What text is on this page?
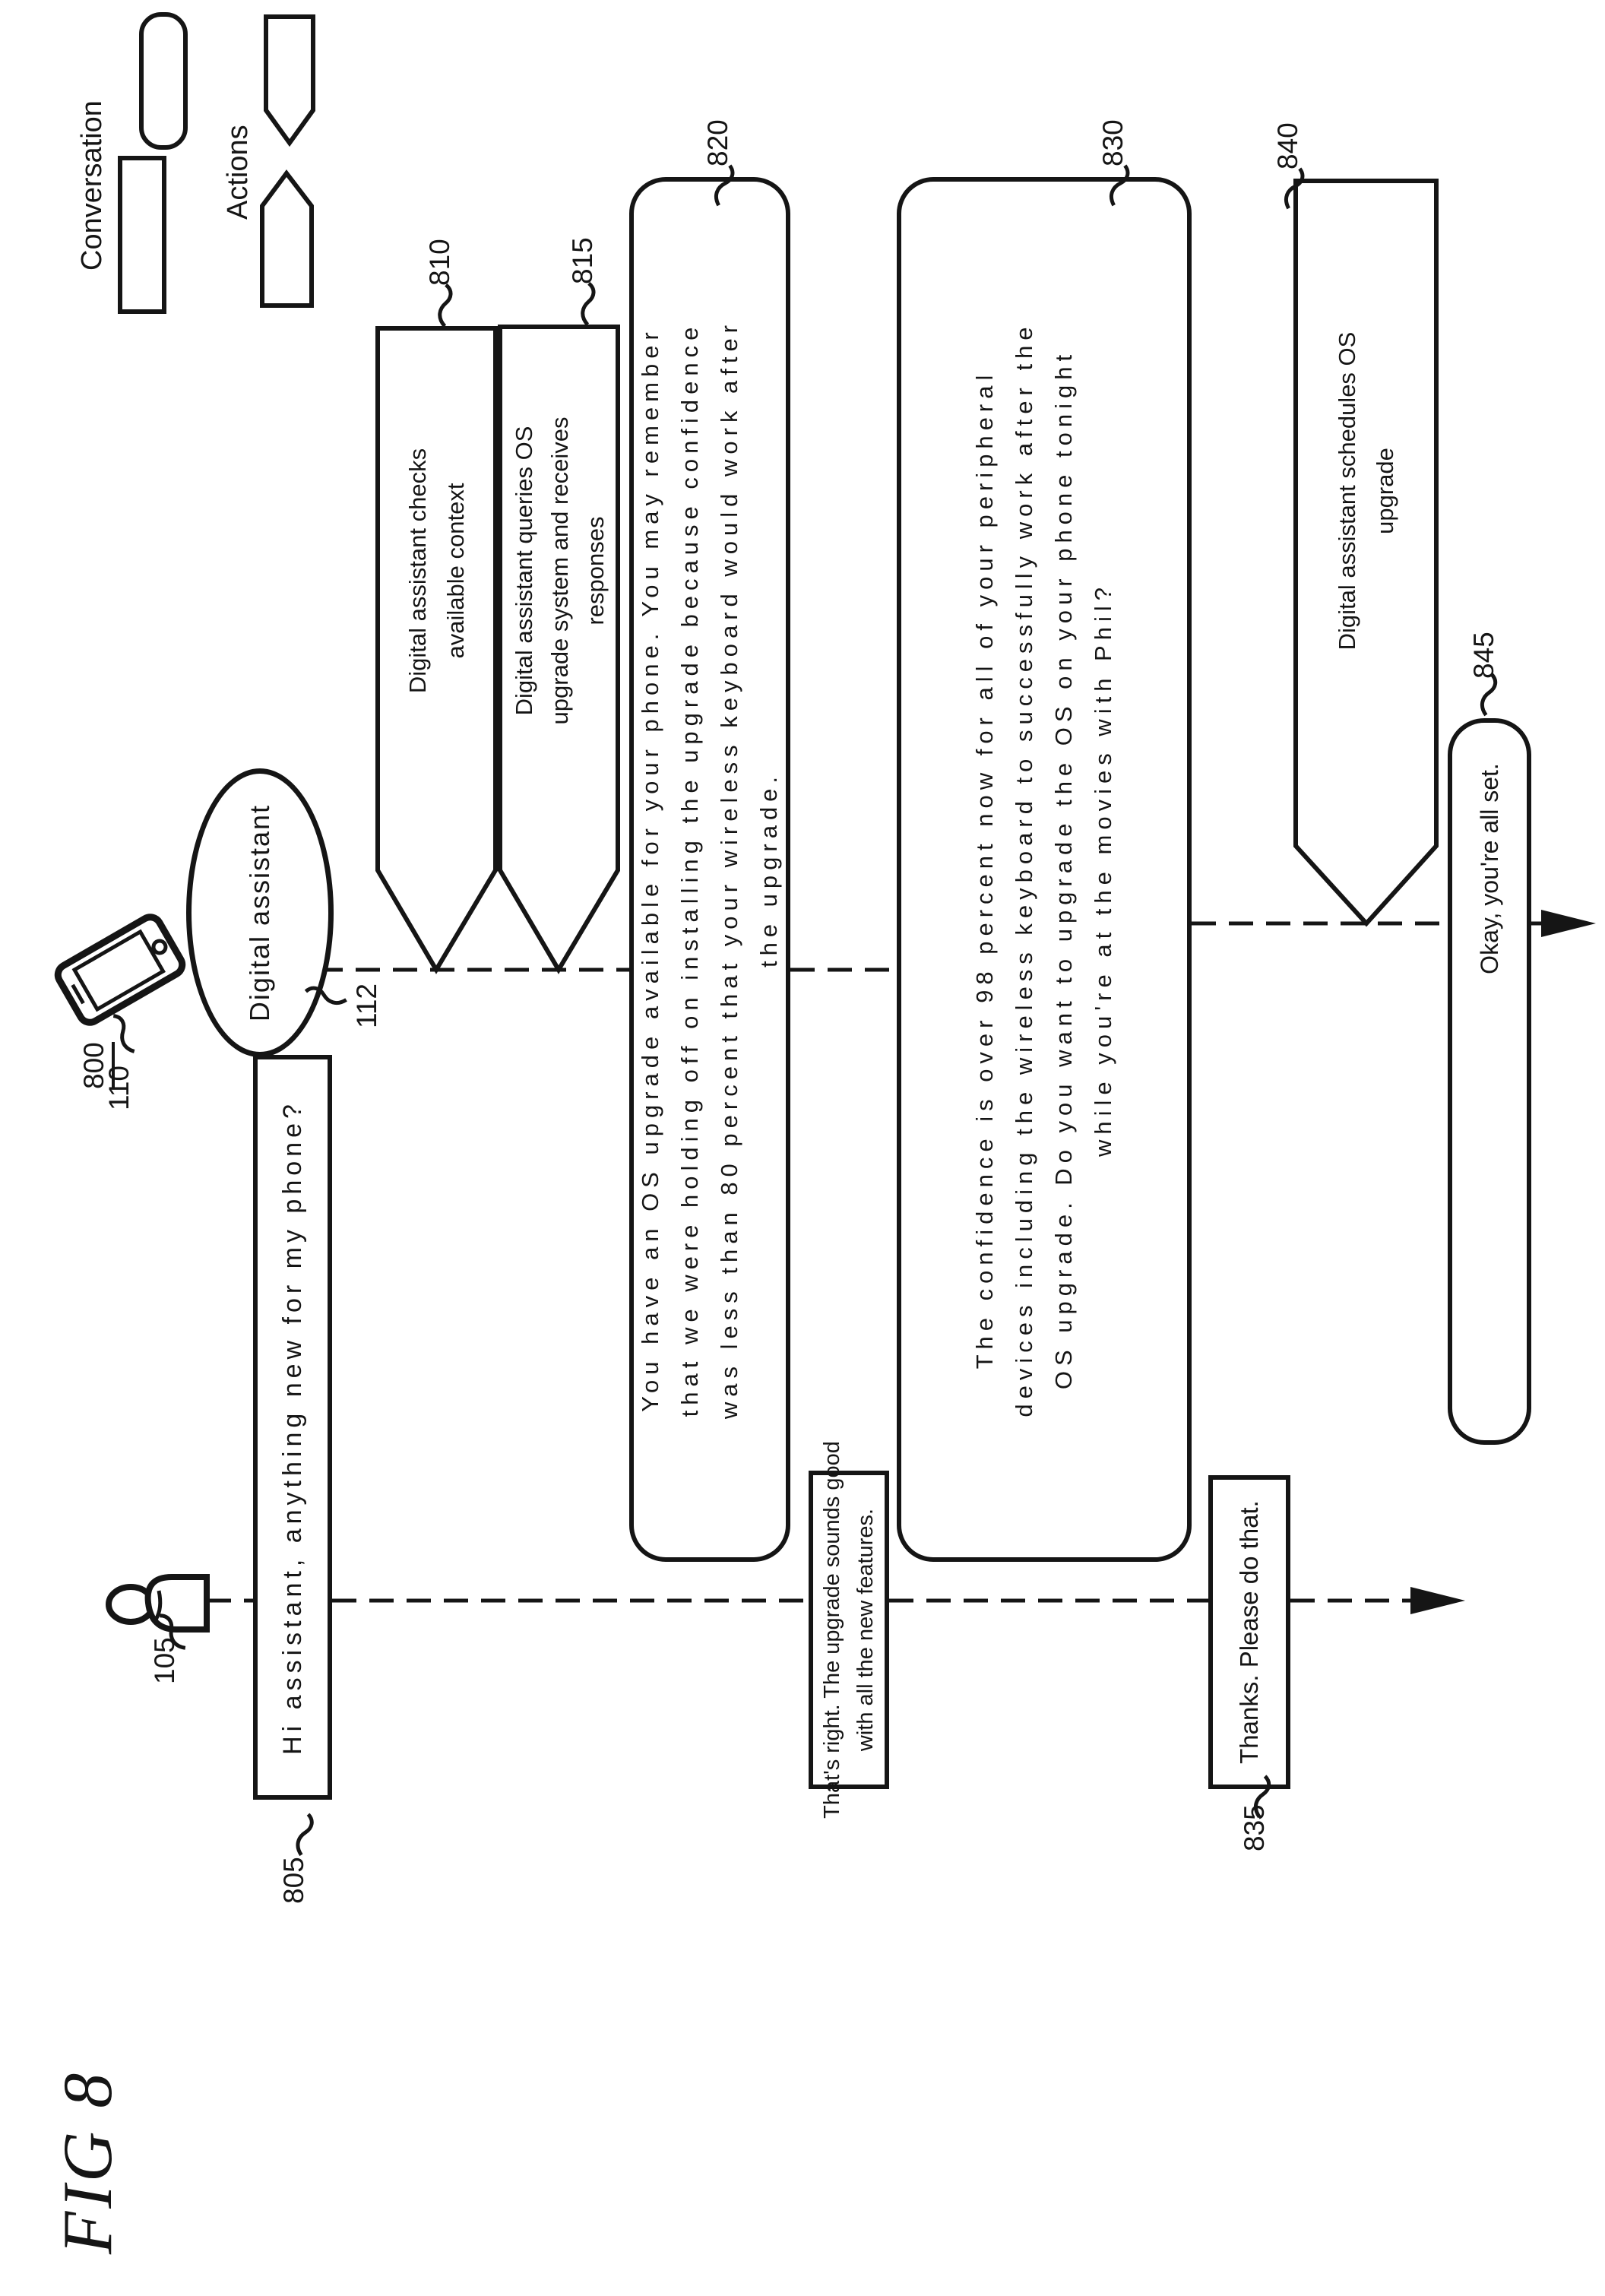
FIG 8
800
Conversation	Actions
Digital assistant
Hi assistant, anything new for my phone?
Digital assistant checks available context Digital assistant queries OS upgrade system and receives responses You have an OS upgrade available for your phone. You may remember that we were holding off on installing the upgrade because confidence was less than 80 percent that your wireless keyboard would work after the upgrade.
That's right. The upgrade sounds good with all the new features.
The confidence is over 98 percent now for all of your peripheral devices including the wireless keyboard to successfully work after the OS upgrade. Do you want to upgrade the OS on your phone tonight while you're at the movies with Phil?
Thanks. Please do that.
Digital assistant schedules OS upgrade
Okay, you're all set.
105
110
112
805
810	815
820	830
835
840
845
